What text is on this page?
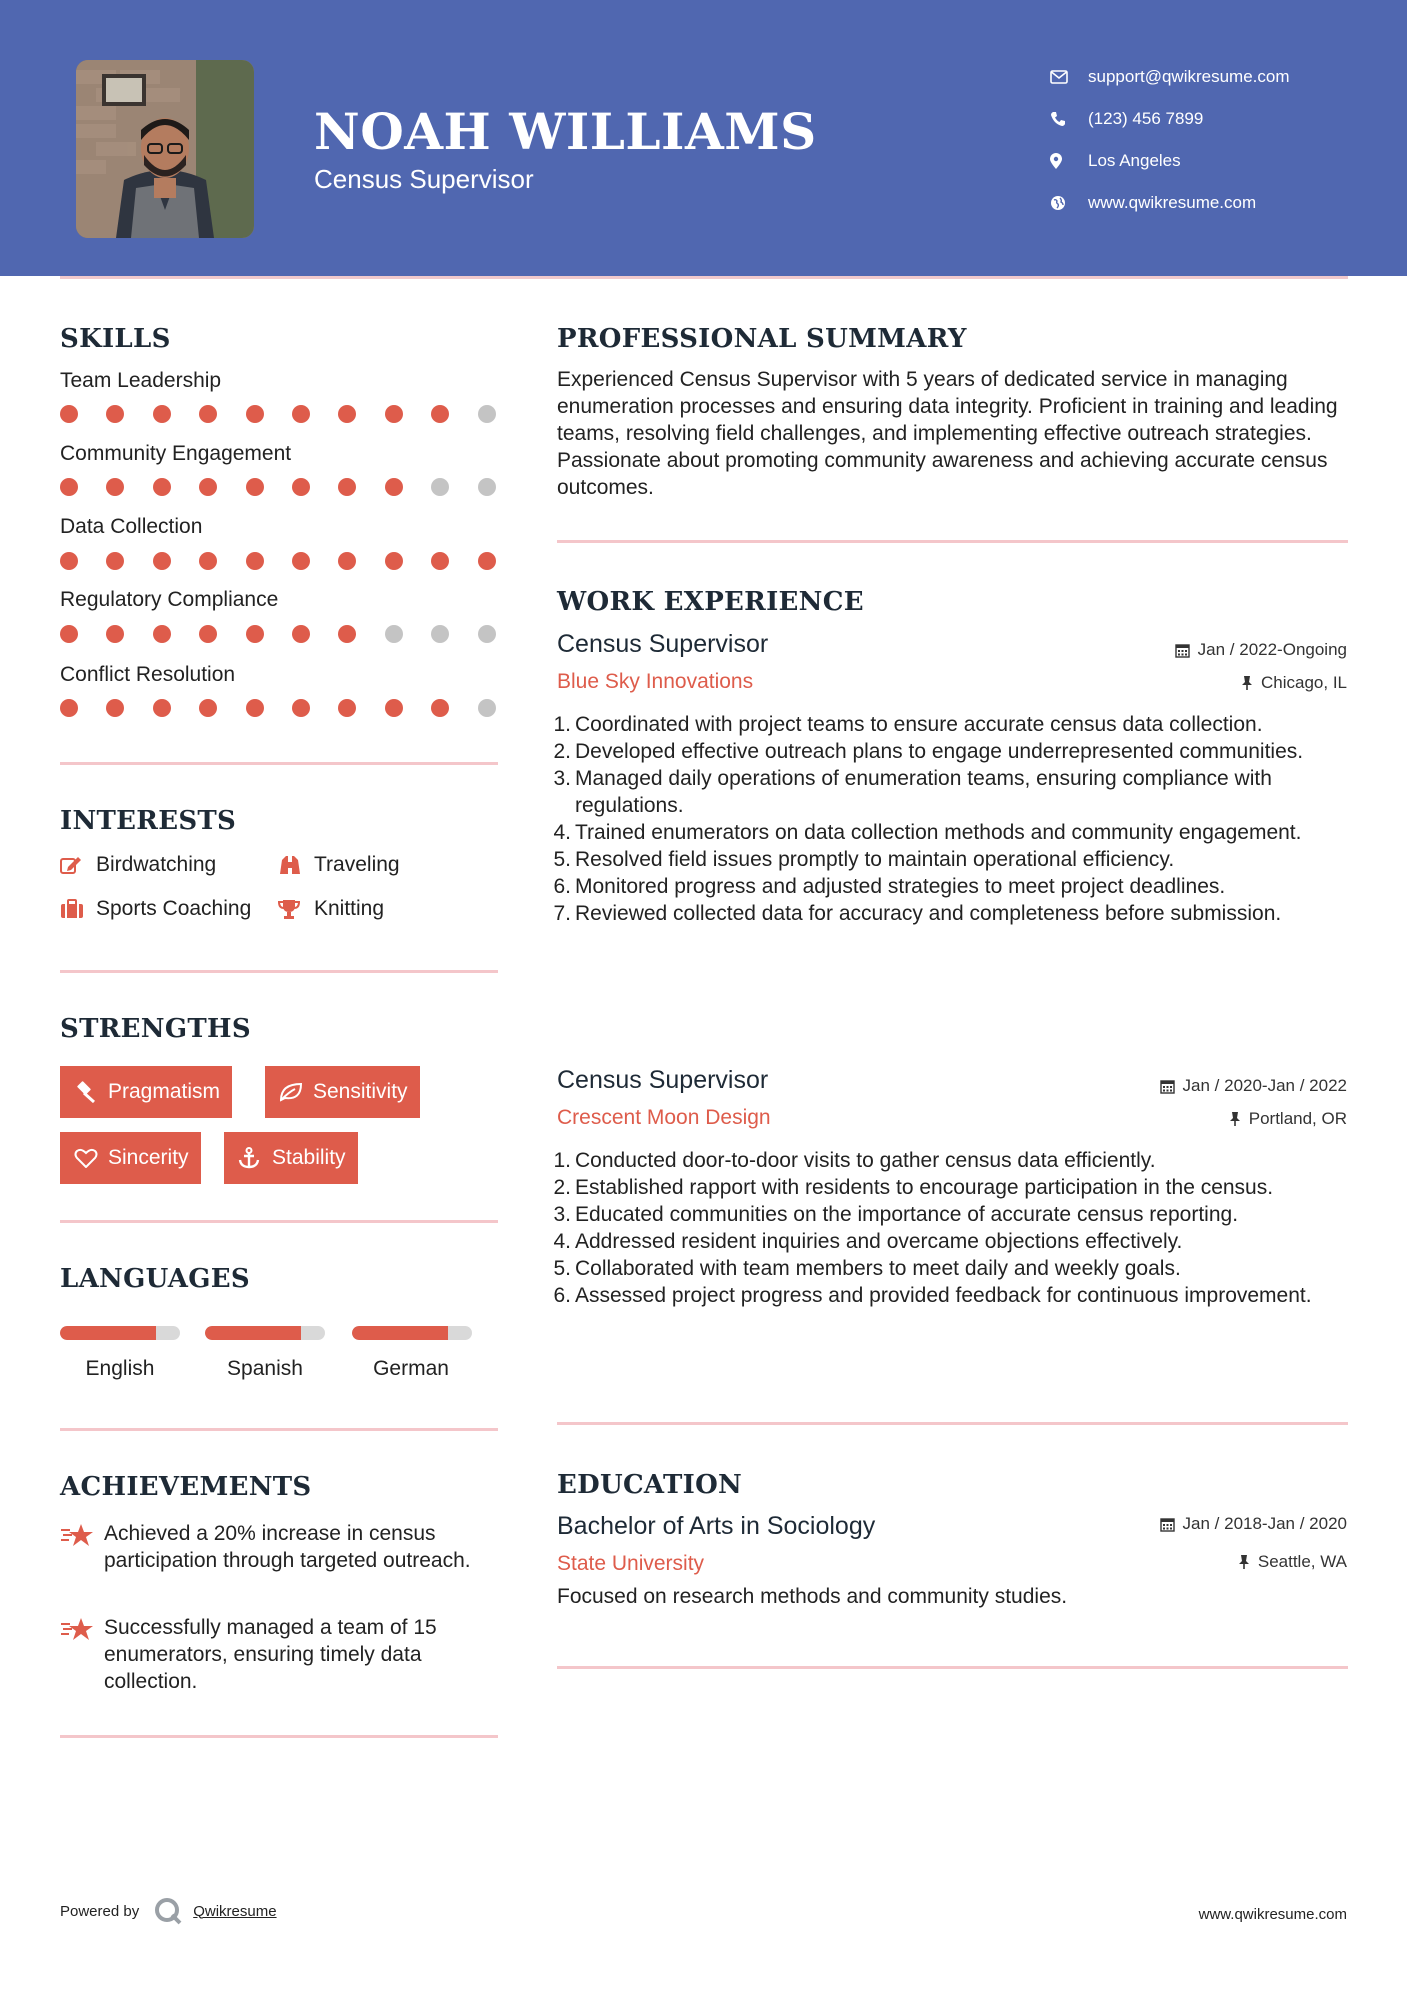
NOAH WILLIAMS
Census Supervisor
support@qwikresume.com
(123) 456 7899
Los Angeles
www.qwikresume.com
SKILLS
Team Leadership
Community Engagement
Data Collection
Regulatory Compliance
Conflict Resolution
INTERESTS
Birdwatching	Traveling
Sports Coaching	Knitting
STRENGTHS
Pragmatism	Sensitivity
Sincerity	Stability
LANGUAGES
English	Spanish	German
ACHIEVEMENTS
Achieved a 20% increase in census participation through targeted outreach.
Successfully managed a team of 15 enumerators, ensuring timely data collection.
PROFESSIONAL SUMMARY
Experienced Census Supervisor with 5 years of dedicated service in managing enumeration processes and ensuring data integrity. Proficient in training and leading teams, resolving field challenges, and implementing effective outreach strategies. Passionate about promoting community awareness and achieving accurate census outcomes.
WORK EXPERIENCE
Census Supervisor	Jan / 2022-Ongoing
Blue Sky Innovations	Chicago, IL
1. Coordinated with project teams to ensure accurate census data collection.
2. Developed effective outreach plans to engage underrepresented communities.
3. Managed daily operations of enumeration teams, ensuring compliance with regulations.
4. Trained enumerators on data collection methods and community engagement.
5. Resolved field issues promptly to maintain operational efficiency.
6. Monitored progress and adjusted strategies to meet project deadlines.
7. Reviewed collected data for accuracy and completeness before submission.
Census Supervisor	Jan / 2020-Jan / 2022
Crescent Moon Design	Portland, OR
1. Conducted door-to-door visits to gather census data efficiently.
2. Established rapport with residents to encourage participation in the census.
3. Educated communities on the importance of accurate census reporting.
4. Addressed resident inquiries and overcame objections effectively.
5. Collaborated with team members to meet daily and weekly goals.
6. Assessed project progress and provided feedback for continuous improvement.
EDUCATION
Bachelor of Arts in Sociology	Jan / 2018-Jan / 2020
State University	Seattle, WA
Focused on research methods and community studies.
Powered by	Qwikresume	www.qwikresume.com
